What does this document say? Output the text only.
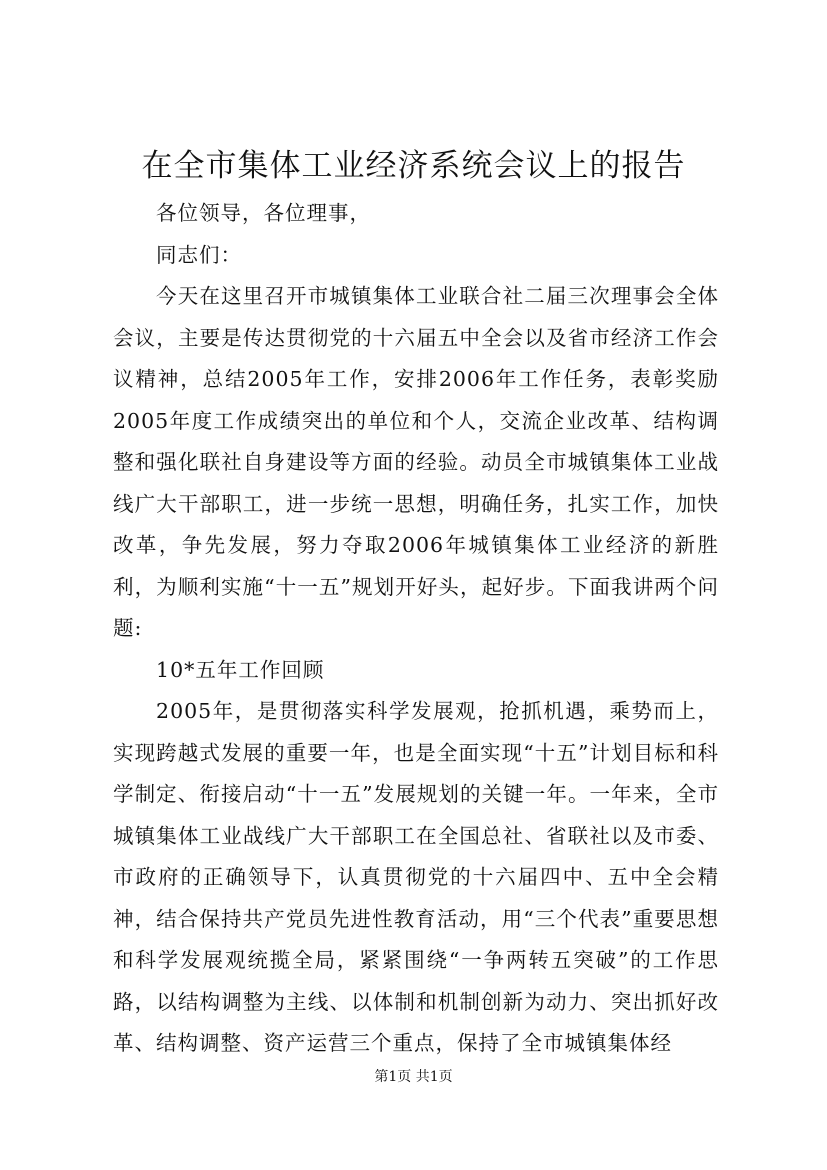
在全市集体工业经济系统会议上的报告

各位领导，各位理事，

同志们：

今天在这里召开市城镇集体工业联合社二届三次理事会全体会议，主要是传达贯彻党的十六届五中全会以及省市经济工作会议精神，总结2005年工作，安排2006年工作任务，表彰奖励2005年度工作成绩突出的单位和个人，交流企业改革、结构调整和强化联社自身建设等方面的经验。动员全市城镇集体工业战线广大干部职工，进一步统一思想，明确任务，扎实工作，加快改革，争先发展，努力夺取2006年城镇集体工业经济的新胜利，为顺利实施“十一五”规划开好头，起好步。下面我讲两个问题:

10*五年工作回顾

2005年，是贯彻落实科学发展观，抢抓机遇，乘势而上，实现跨越式发展的重要一年，也是全面实现“十五”计划目标和科学制定、衔接启动“十一五”发展规划的关键一年。一年来，全市城镇集体工业战线广大干部职工在全国总社、省联社以及市委、市政府的正确领导下，认真贯彻党的十六届四中、五中全会精神，结合保持共产党员先进性教育活动，用“三个代表”重要思想和科学发展观统揽全局，紧紧围绕“一争两转五突破”的工作思路，以结构调整为主线、以体制和机制创新为动力、突出抓好改革、结构调整、资产运营三个重点，保持了全市城镇集体经

第1页 共1页
